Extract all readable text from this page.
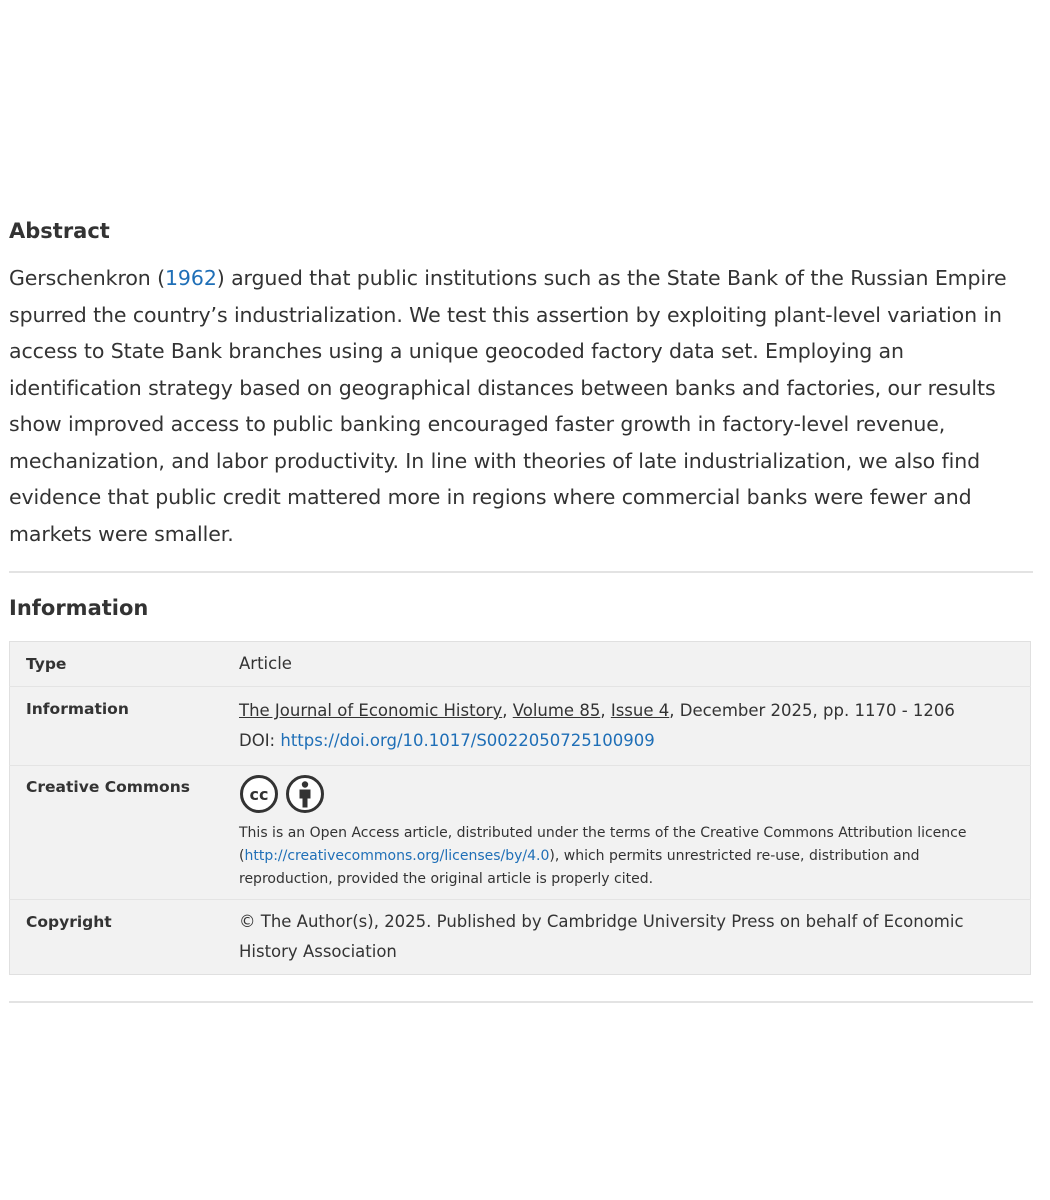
Abstract

Gerschenkron (1962) argued that public institutions such as the State Bank of the Russian Empire spurred the country’s industrialization. We test this assertion by exploiting plant-level variation in access to State Bank branches using a unique geocoded factory data set. Employing an identification strategy based on geographical distances between banks and factories, our results show improved access to public banking encouraged faster growth in factory-level revenue, mechanization, and labor productivity. In line with theories of late industrialization, we also find evidence that public credit mattered more in regions where commercial banks were fewer and markets were smaller.

Information
Type	Article
Information	The Journal of Economic History, Volume 85, Issue 4, December 2025, pp. 1170 - 1206
DOI: https://doi.org/10.1017/S0022050725100909

Creative Commons	cc
This is an Open Access article, distributed under the terms of the Creative Commons Attribution licence (http://creativecommons.org/licenses/by/4.0), which permits unrestricted re-use, distribution and reproduction, provided the original article is properly cited.

Copyright	© The Author(s), 2025. Published by Cambridge University Press on behalf of Economic History Association
